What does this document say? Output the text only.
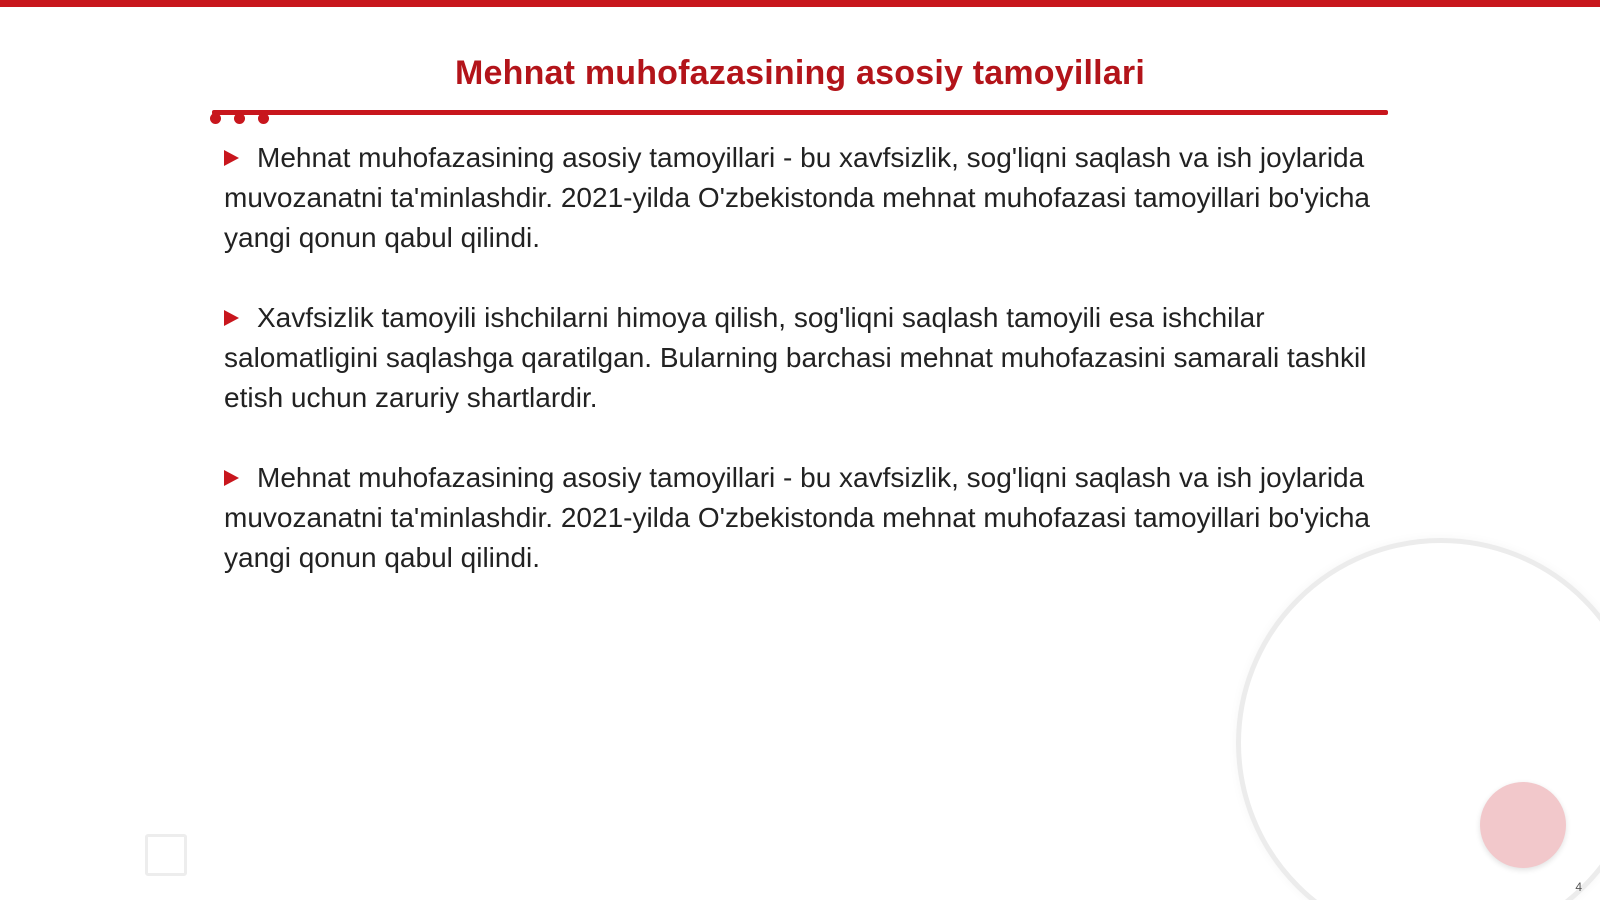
Mehnat muhofazasining asosiy tamoyillari

Mehnat muhofazasining asosiy tamoyillari - bu xavfsizlik, sog'liqni saqlash va ish joylarida muvozanatni ta'minlashdir. 2021-yilda O'zbekistonda mehnat muhofazasi tamoyillari bo'yicha yangi qonun qabul qilindi.

Xavfsizlik tamoyili ishchilarni himoya qilish, sog'liqni saqlash tamoyili esa ishchilar salomatligini saqlashga qaratilgan. Bularning barchasi mehnat muhofazasini samarali tashkil etish uchun zaruriy shartlardir.

Mehnat muhofazasining asosiy tamoyillari - bu xavfsizlik, sog'liqni saqlash va ish joylarida muvozanatni ta'minlashdir. 2021-yilda O'zbekistonda mehnat muhofazasi tamoyillari bo'yicha yangi qonun qabul qilindi.

4
